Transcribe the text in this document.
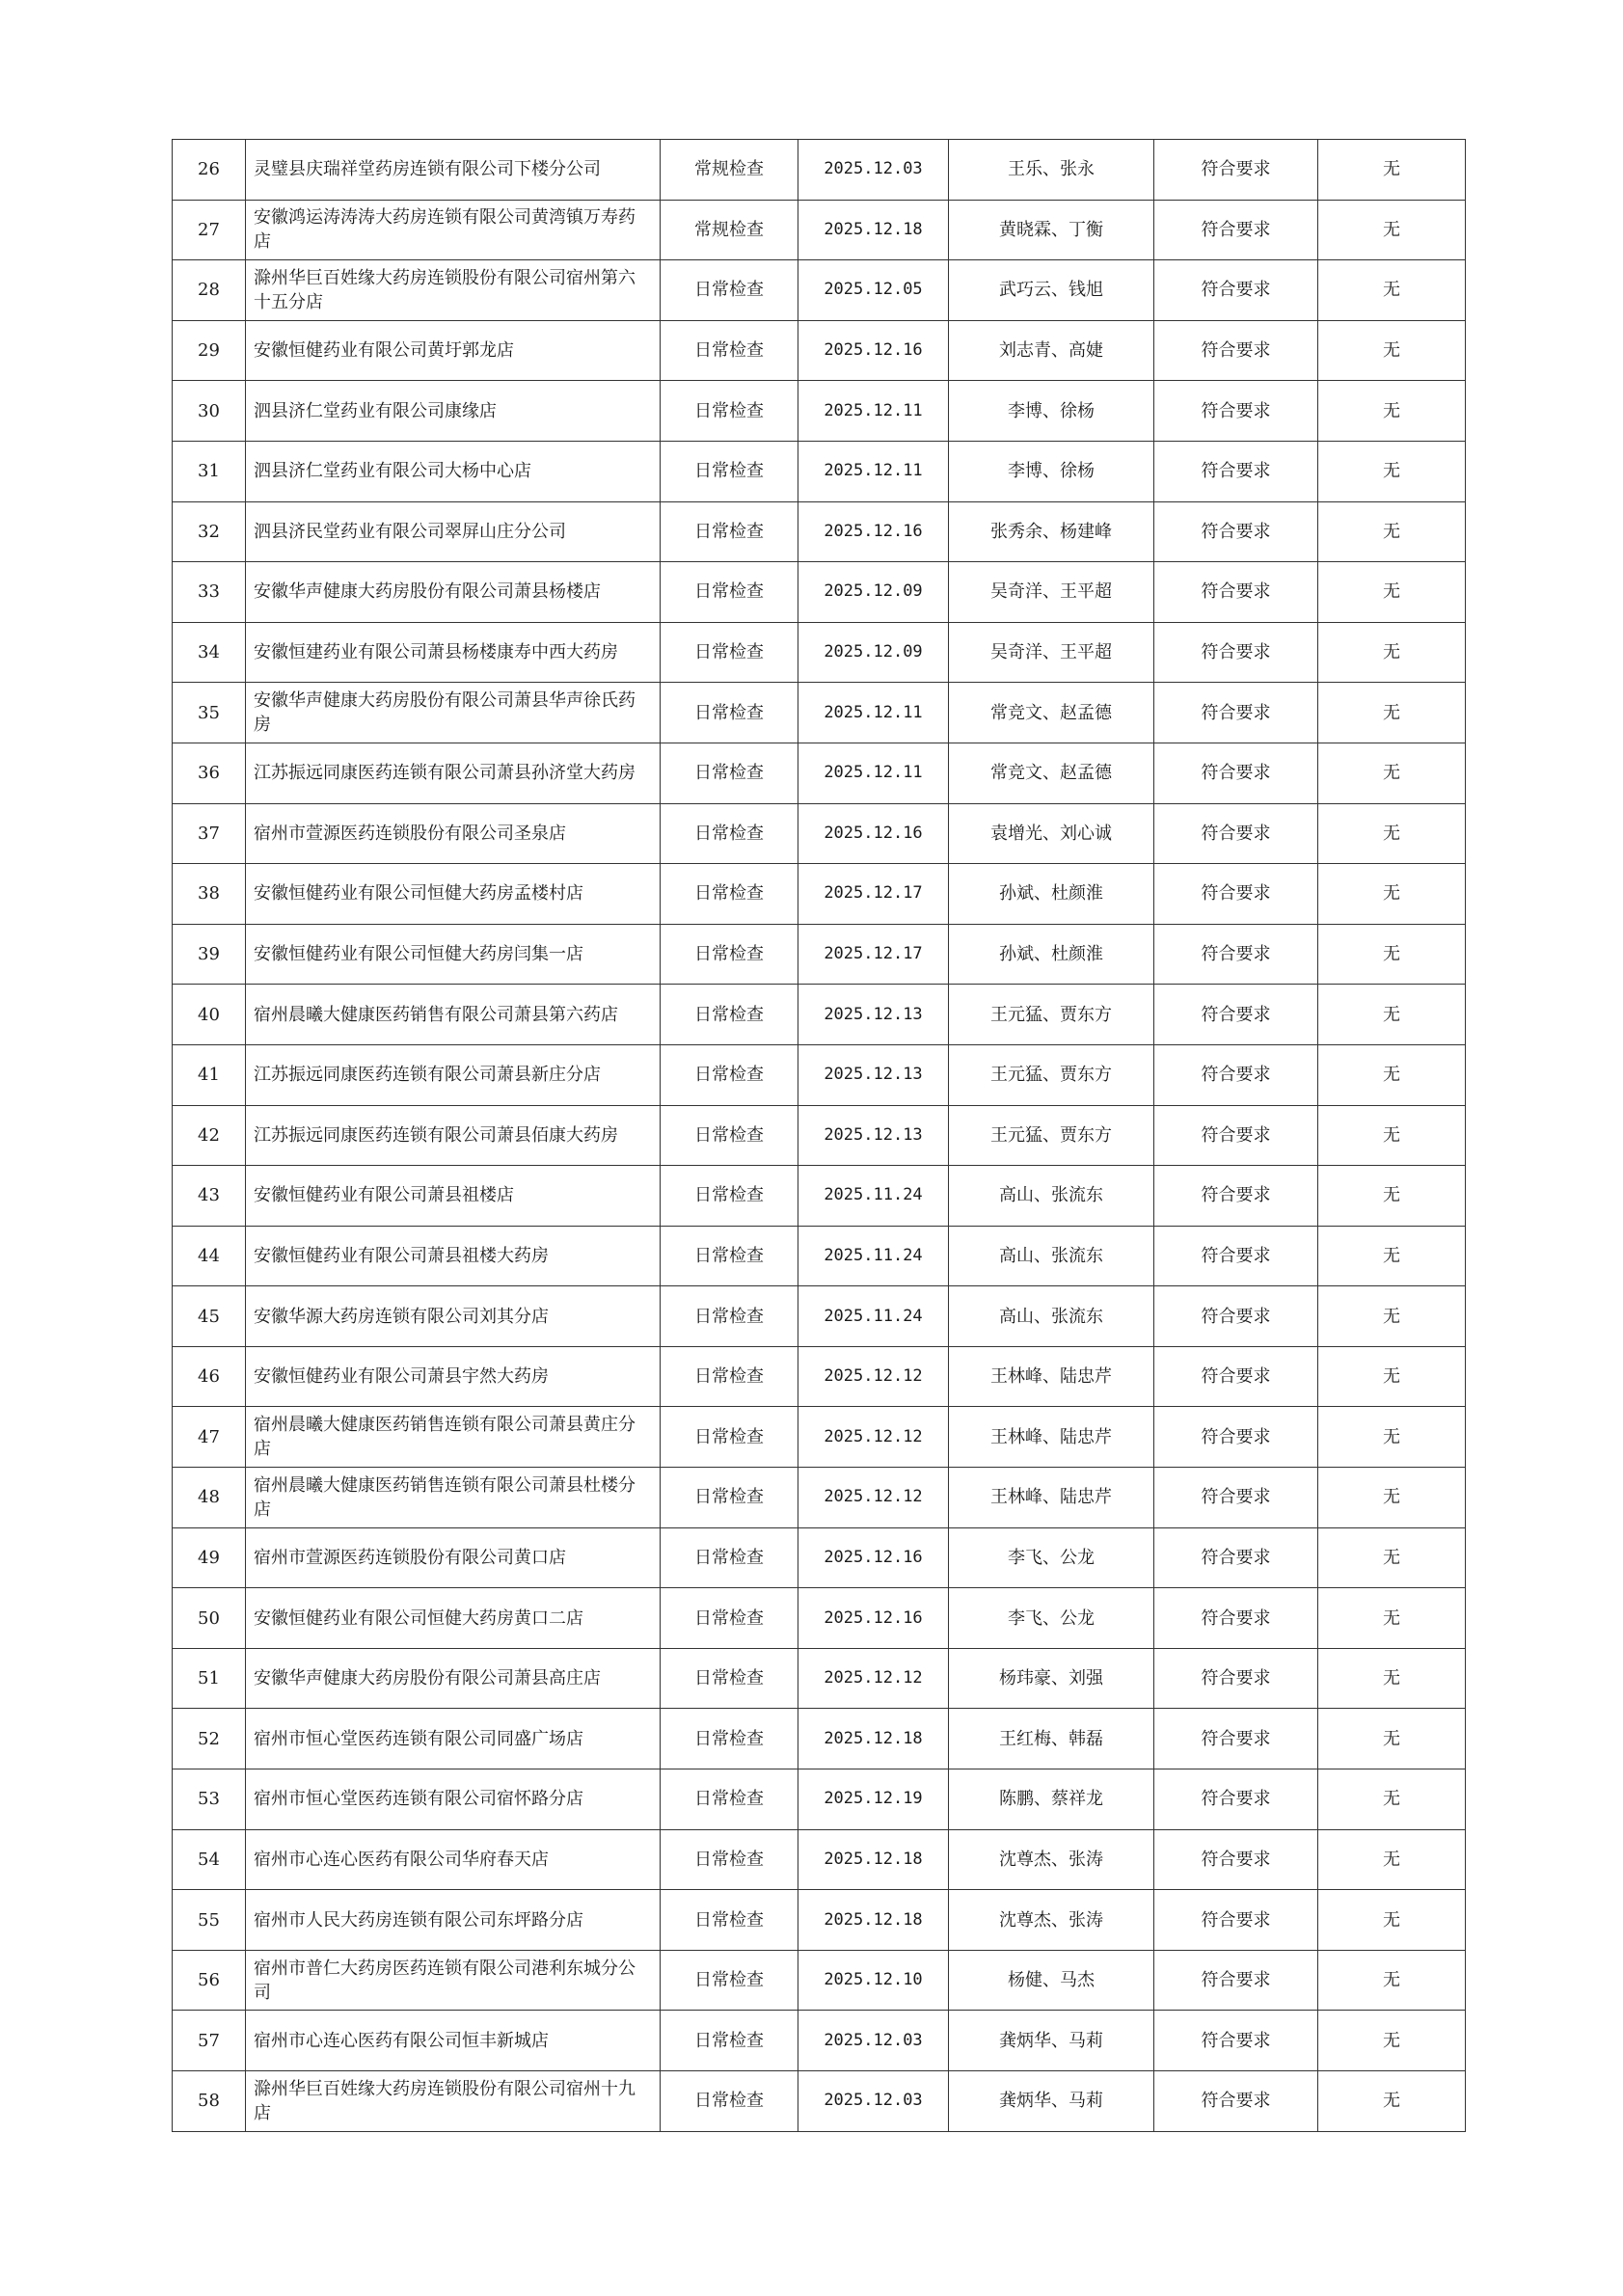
26	灵璧县庆瑞祥堂药房连锁有限公司下楼分公司	常规检查	2025.12.03	王乐、张永	符合要求	无
27	安徽鸿运涛涛涛大药房连锁有限公司黄湾镇万寿药店	常规检查	2025.12.18	黄晓霖、丁衡	符合要求	无
28	滁州华巨百姓缘大药房连锁股份有限公司宿州第六十五分店	日常检查	2025.12.05	武巧云、钱旭	符合要求	无
29	安徽恒健药业有限公司黄圩郭龙店	日常检查	2025.12.16	刘志青、高婕	符合要求	无
30	泗县济仁堂药业有限公司康缘店	日常检查	2025.12.11	李博、徐杨	符合要求	无
31	泗县济仁堂药业有限公司大杨中心店	日常检查	2025.12.11	李博、徐杨	符合要求	无
32	泗县济民堂药业有限公司翠屏山庄分公司	日常检查	2025.12.16	张秀余、杨建峰	符合要求	无
33	安徽华声健康大药房股份有限公司萧县杨楼店	日常检查	2025.12.09	吴奇洋、王平超	符合要求	无
34	安徽恒建药业有限公司萧县杨楼康寿中西大药房	日常检查	2025.12.09	吴奇洋、王平超	符合要求	无
35	安徽华声健康大药房股份有限公司萧县华声徐氏药房	日常检查	2025.12.11	常竞文、赵孟德	符合要求	无
36	江苏振远同康医药连锁有限公司萧县孙济堂大药房	日常检查	2025.12.11	常竞文、赵孟德	符合要求	无
37	宿州市萱源医药连锁股份有限公司圣泉店	日常检查	2025.12.16	袁增光、刘心诚	符合要求	无
38	安徽恒健药业有限公司恒健大药房孟楼村店	日常检查	2025.12.17	孙斌、杜颜淮	符合要求	无
39	安徽恒健药业有限公司恒健大药房闫集一店	日常检查	2025.12.17	孙斌、杜颜淮	符合要求	无
40	宿州晨曦大健康医药销售有限公司萧县第六药店	日常检查	2025.12.13	王元猛、贾东方	符合要求	无
41	江苏振远同康医药连锁有限公司萧县新庄分店	日常检查	2025.12.13	王元猛、贾东方	符合要求	无
42	江苏振远同康医药连锁有限公司萧县佰康大药房	日常检查	2025.12.13	王元猛、贾东方	符合要求	无
43	安徽恒健药业有限公司萧县祖楼店	日常检查	2025.11.24	高山、张流东	符合要求	无
44	安徽恒健药业有限公司萧县祖楼大药房	日常检查	2025.11.24	高山、张流东	符合要求	无
45	安徽华源大药房连锁有限公司刘其分店	日常检查	2025.11.24	高山、张流东	符合要求	无
46	安徽恒健药业有限公司萧县宇然大药房	日常检查	2025.12.12	王林峰、陆忠芹	符合要求	无
47	宿州晨曦大健康医药销售连锁有限公司萧县黄庄分店	日常检查	2025.12.12	王林峰、陆忠芹	符合要求	无
48	宿州晨曦大健康医药销售连锁有限公司萧县杜楼分店	日常检查	2025.12.12	王林峰、陆忠芹	符合要求	无
49	宿州市萱源医药连锁股份有限公司黄口店	日常检查	2025.12.16	李飞、公龙	符合要求	无
50	安徽恒健药业有限公司恒健大药房黄口二店	日常检查	2025.12.16	李飞、公龙	符合要求	无
51	安徽华声健康大药房股份有限公司萧县高庄店	日常检查	2025.12.12	杨玮豪、刘强	符合要求	无
52	宿州市恒心堂医药连锁有限公司同盛广场店	日常检查	2025.12.18	王红梅、韩磊	符合要求	无
53	宿州市恒心堂医药连锁有限公司宿怀路分店	日常检查	2025.12.19	陈鹏、蔡祥龙	符合要求	无
54	宿州市心连心医药有限公司华府春天店	日常检查	2025.12.18	沈尊杰、张涛	符合要求	无
55	宿州市人民大药房连锁有限公司东坪路分店	日常检查	2025.12.18	沈尊杰、张涛	符合要求	无
56	宿州市普仁大药房医药连锁有限公司港利东城分公司	日常检查	2025.12.10	杨健、马杰	符合要求	无
57	宿州市心连心医药有限公司恒丰新城店	日常检查	2025.12.03	龚炳华、马莉	符合要求	无
58	滁州华巨百姓缘大药房连锁股份有限公司宿州十九店	日常检查	2025.12.03	龚炳华、马莉	符合要求	无
